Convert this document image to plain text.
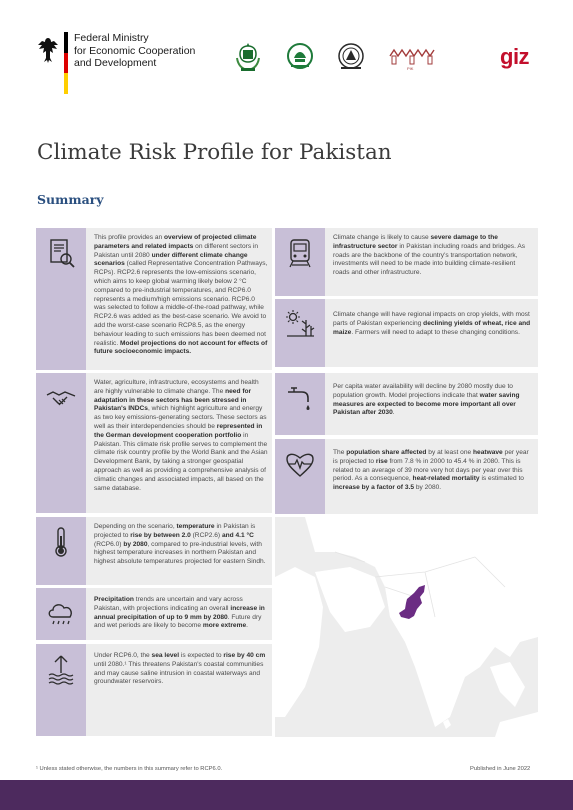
Federal Ministry
for Economic Cooperation
and Development	PIK	giz
Climate Risk Profile for Pakistan
Summary

This profile provides an overview of projected climate parameters and related impacts on different sectors in Pakistan until 2080 under different climate change scenarios (called Representative Concentration Pathways, RCPs). RCP2.6 represents the low-emissions scenario, which aims to keep global warming likely below 2 °C compared to pre-industrial temperatures, and RCP6.0 represents a medium/high emissions scenario. RCP6.0 was selected to follow a middle-of-the-road pathway, while RCP2.6 was added as the best-case scenario. We avoid to add the worst-case scenario RCP8.5, as the energy behaviour leading to such emissions has been deemed not realistic. Model projections do not account for effects of future socioeconomic impacts.

Water, agriculture, infrastructure, ecosystems and health are highly vulnerable to climate change. The need for adaptation in these sectors has been stressed in Pakistan's INDCs, which highlight agriculture and energy as two key emissions-generating sectors. These sectors as well as their interdependencies should be represented in the German development cooperation portfolio in Pakistan. This climate risk profile serves to complement the climate risk country profile by the World Bank and the Asian Development Bank, by taking a stronger geospatial approach as well as providing a comprehensive analysis of climatic changes and associated impacts, all based on the same database.

Depending on the scenario, temperature in Pakistan is projected to rise by between 2.0 (RCP2.6) and 4.1 °C (RCP6.0) by 2080, compared to pre-industrial levels, with highest temperature increases in northern Pakistan and highest absolute temperatures projected for eastern Sindh.

Precipitation trends are uncertain and vary across Pakistan, with projections indicating an overall increase in annual precipitation of up to 9 mm by 2080. Future dry and wet periods are likely to become more extreme.

Under RCP6.0, the sea level is expected to rise by 40 cm until 2080.¹ This threatens Pakistan's coastal communities and may cause saline intrusion in coastal waterways and groundwater reservoirs.

Climate change is likely to cause severe damage to the infrastructure sector in Pakistan including roads and bridges. As roads are the backbone of the country's transportation network, investments will need to be made into building climate-resilient roads and other infrastructure.

Climate change will have regional impacts on crop yields, with most parts of Pakistan experiencing declining yields of wheat, rice and maize. Farmers will need to adapt to these changing conditions.

Per capita water availability will decline by 2080 mostly due to population growth. Model projections indicate that water saving measures are expected to become more important all over Pakistan after 2030.

The population share affected by at least one heatwave per year is projected to rise from 7.8 % in 2000 to 45.4 % in 2080. This is related to an average of 39 more very hot days per year over this period. As a consequence, heat-related mortality is estimated to increase by a factor of 3.5 by 2080.

¹ Unless stated otherwise, the numbers in this summary refer to RCP6.0.	Published in June 2022
